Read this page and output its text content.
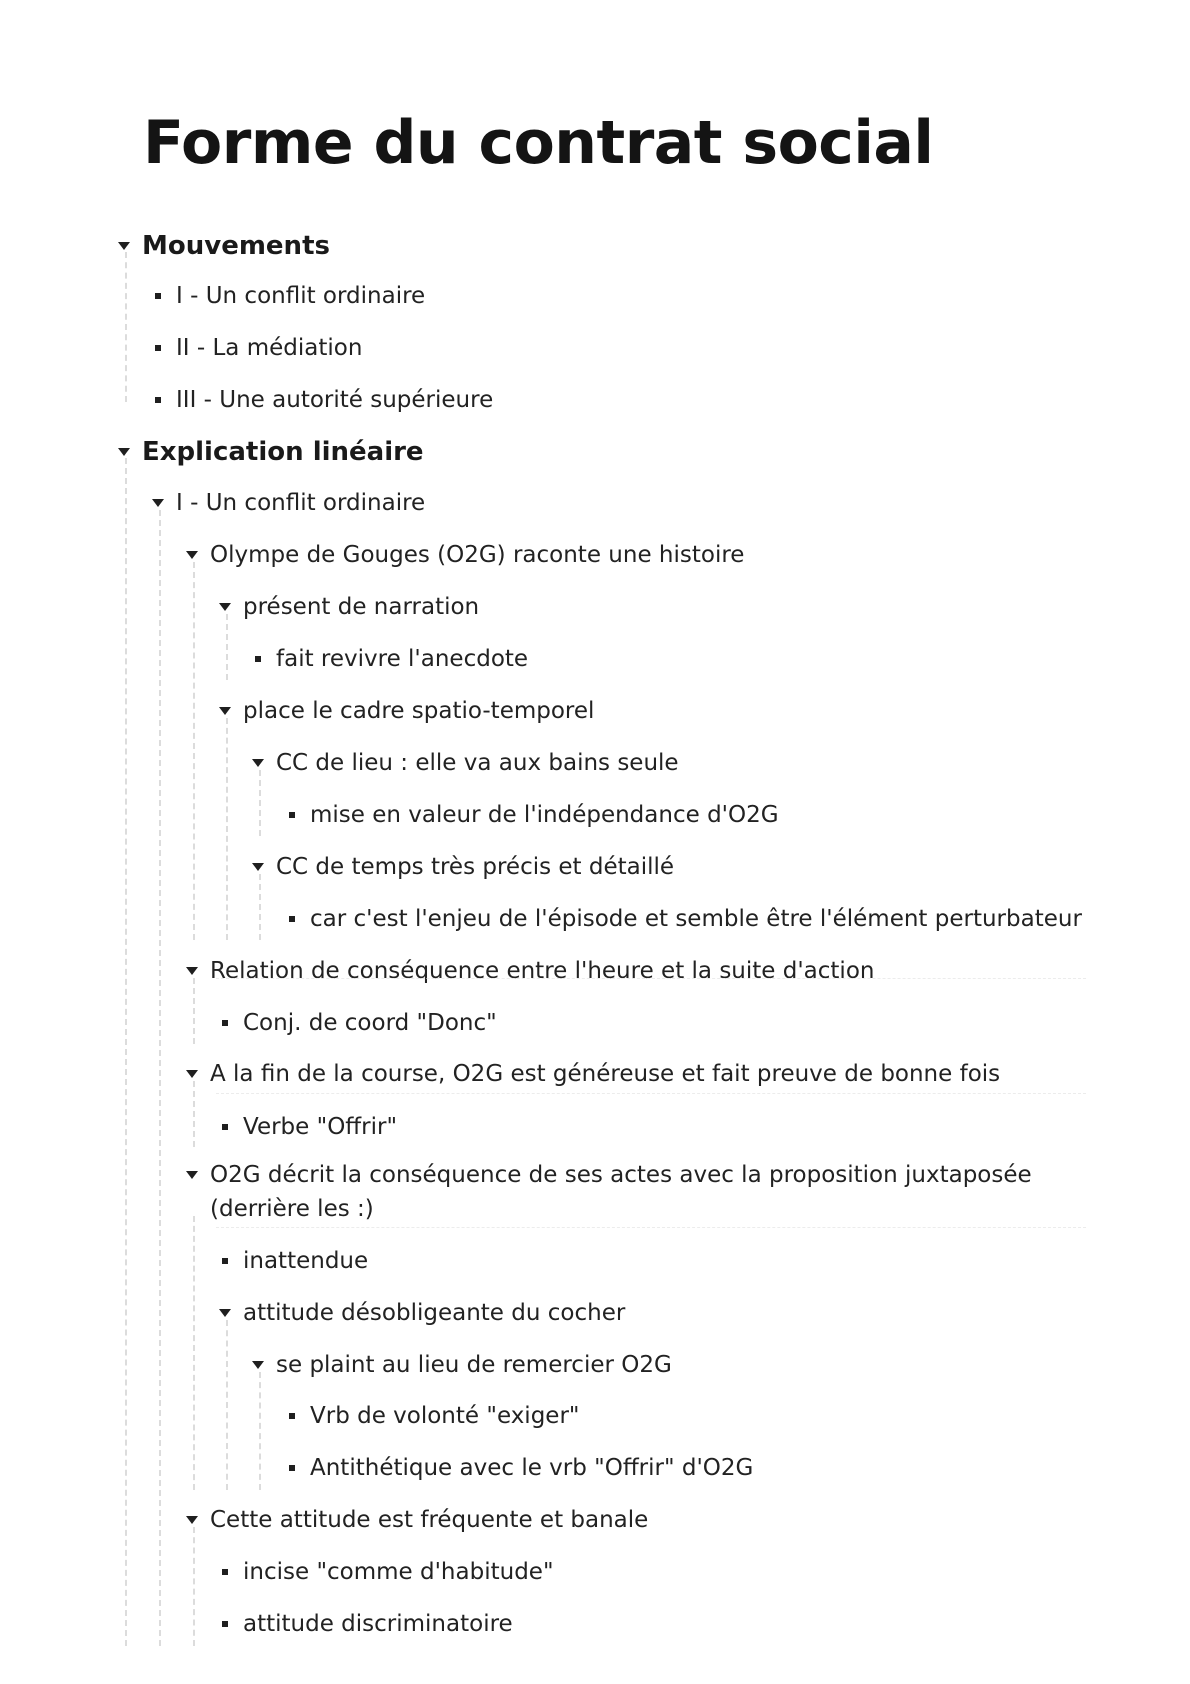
Forme du contrat social
Mouvements
I - Un conflit ordinaire
II - La médiation
III - Une autorité supérieure
Explication linéaire
I - Un conflit ordinaire
Olympe de Gouges (O2G) raconte une histoire
présent de narration
fait revivre l'anecdote
place le cadre spatio-temporel
CC de lieu : elle va aux bains seule
mise en valeur de l'indépendance d'O2G
CC de temps très précis et détaillé
car c'est l'enjeu de l'épisode et semble être l'élément perturbateur
Relation de conséquence entre l'heure et la suite d'action
Conj. de coord "Donc"
A la fin de la course, O2G est généreuse et fait preuve de bonne fois
Verbe "Offrir"
O2G décrit la conséquence de ses actes avec la proposition juxtaposée (derrière les :)
inattendue
attitude désobligeante du cocher
se plaint au lieu de remercier O2G
Vrb de volonté "exiger"
Antithétique avec le vrb "Offrir" d'O2G
Cette attitude est fréquente et banale
incise "comme d'habitude"
attitude discriminatoire
